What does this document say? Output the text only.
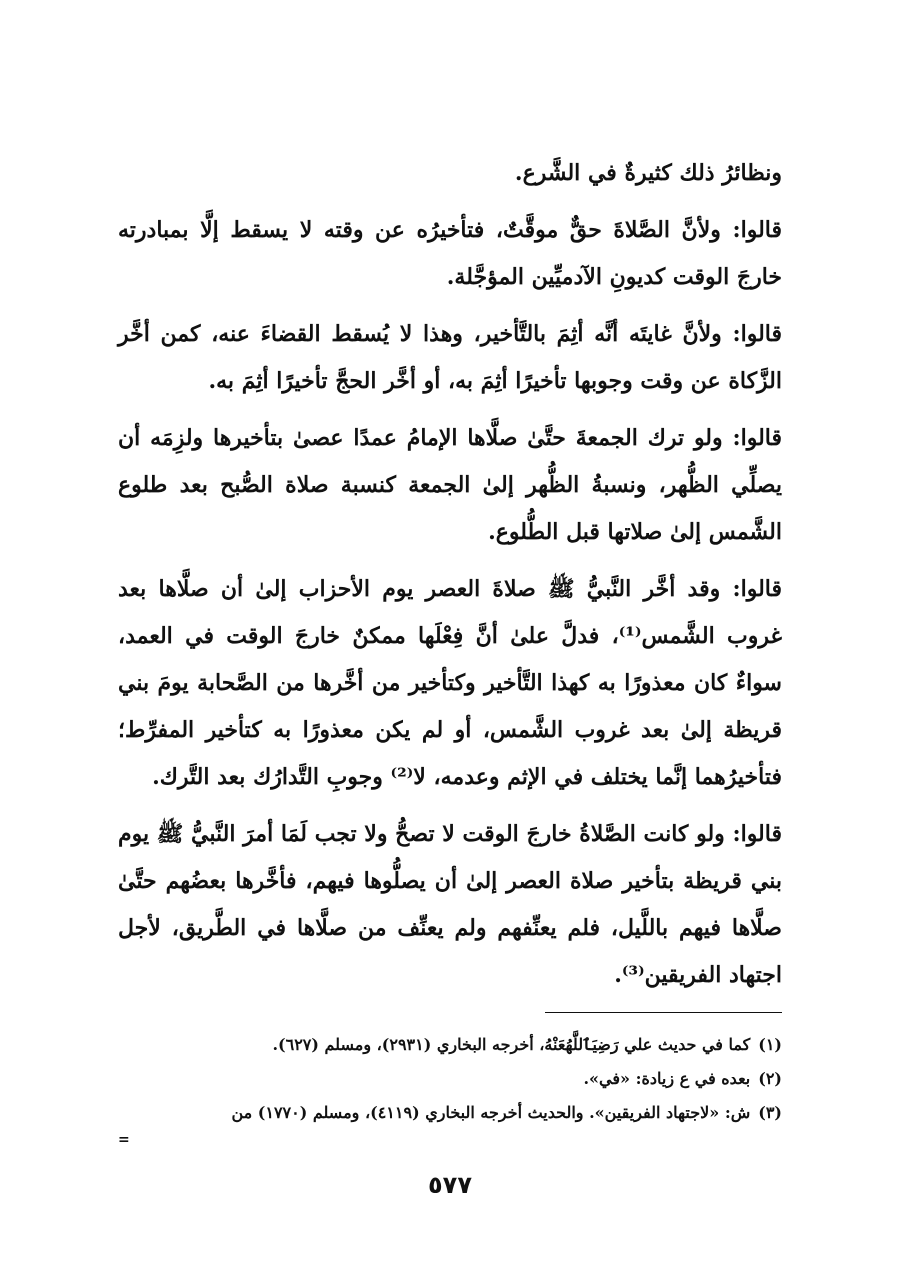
ونظائرُ ذلك كثيرةٌ في الشَّرع.

قالوا: ولأنَّ الصَّلاةَ حقٌّ موقَّتٌ، فتأخيرُه عن وقته لا يسقط إلَّا بمبادرته خارجَ الوقت كديونِ الآدميِّين المؤجَّلة.

قالوا: ولأنَّ غايتَه أنَّه أثِمَ بالتَّأخير، وهذا لا يُسقط القضاءَ عنه، كمن أخَّر الزَّكاة عن وقت وجوبها تأخيرًا أثِمَ به، أو أخَّر الحجَّ تأخيرًا أثِمَ به.

قالوا: ولو ترك الجمعةَ حتَّىٰ صلَّاها الإمامُ عمدًا عصىٰ بتأخيرها ولزِمَه أن يصلِّي الظُّهر، ونسبةُ الظُّهر إلىٰ الجمعة كنسبة صلاة الصُّبح بعد طلوع الشَّمس إلىٰ صلاتها قبل الطُّلوع.

قالوا: وقد أخَّر النَّبيُّ ﷺ صلاةَ العصر يوم الأحزاب إلىٰ أن صلَّاها بعد غروب الشَّمس⁽¹⁾، فدلَّ علىٰ أنَّ فِعْلَها ممكنٌ خارجَ الوقت في العمد، سواءٌ كان معذورًا به كهذا التَّأخير وكتأخير من أخَّرها من الصَّحابة يومَ بني قريظة إلىٰ بعد غروب الشَّمس، أو لم يكن معذورًا به كتأخير المفرِّط؛ فتأخيرُهما إنَّما يختلف في الإثم وعدمه، لا⁽²⁾ وجوبِ التَّدارُك بعد التَّرك.

قالوا: ولو كانت الصَّلاةُ خارجَ الوقت لا تصحُّ ولا تجب لَمَا أمرَ النَّبيُّ ﷺ يوم بني قريظة بتأخير صلاة العصر إلىٰ أن يصلُّوها فيهم، فأخَّرها بعضُهم حتَّىٰ صلَّاها فيهم باللَّيل، فلم يعنِّفهم ولم يعنِّف من صلَّاها في الطَّريق، لأجل اجتهاد الفريقين⁽³⁾.

(١)كما في حديث علي رَضِيَٱللَّهُعَنْهُ، أخرجه البخاري (٢٩٣١)، ومسلم (٦٢٧).

(٢)بعده في ع زيادة: «في».

(٣)ش: «لاجتهاد الفريقين». والحديث أخرجه البخاري (٤١١٩)، ومسلم (١٧٧٠) من

=
٥٧٧
